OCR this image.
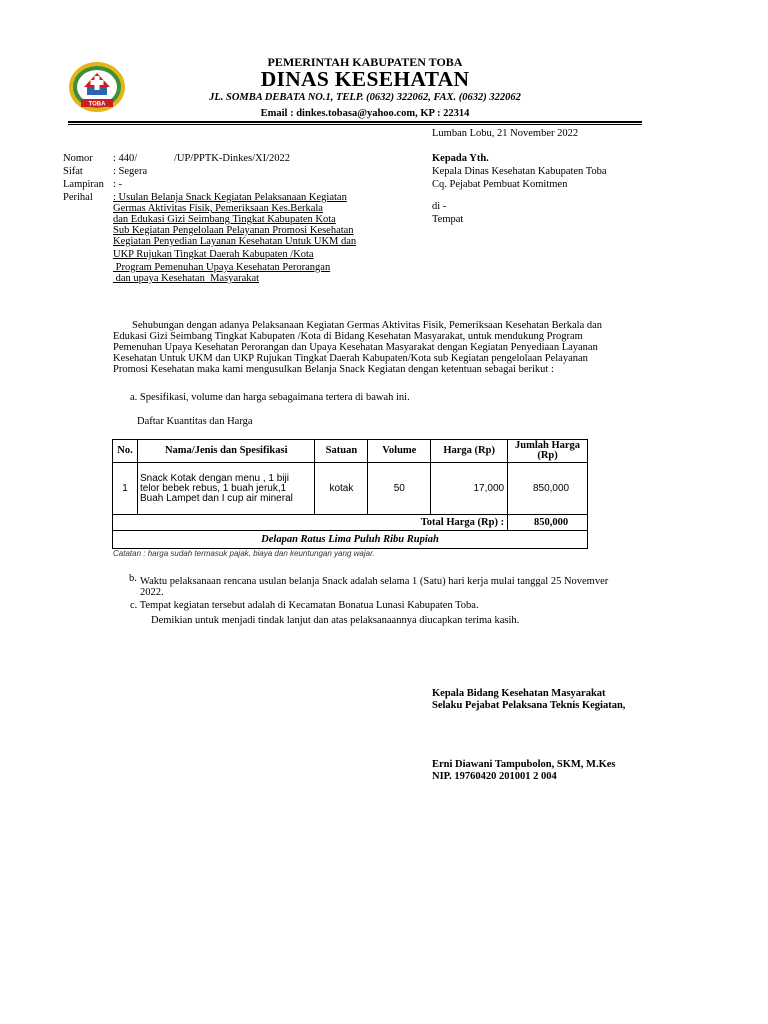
TOBA
PEMERINTAH KABUPATEN TOBA
DINAS KESEHATAN
JL. SOMBA DEBATA NO.1, TELP. (0632) 322062, FAX. (0632) 322062
Email : dinkes.tobasa@yahoo.com, KP : 22314
Lumban Lobu, 21 November 2022
Nomor : 440/              /UP/PPTK-Dinkes/XI/2022
Sifat	: Segera
Lampiran : -
Perihal : Usulan Belanja Snack Kegiatan Pelaksanaan Kegiatan
Germas Aktivitas Fisik, Pemeriksaan Kes.Berkala
dan Edukasi Gizi Seimbang Tingkat Kabupaten Kota
Sub Kegiatan Pengelolaan Pelayanan Promosi Kesehatan
Kegiatan Penyedian Layanan Kesehatan Untuk UKM dan
UKP Rujukan Tingkat Daerah Kabupaten /Kota
Program Pemenuhan Upaya Kesehatan Perorangan
dan upaya Kesehatan  Masyarakat
Kepada Yth.
Kepala Dinas Kesehatan Kabupaten Toba
Cq. Pejabat Pembuat Komitmen
di -
Tempat
Sehubungan dengan adanya Pelaksanaan Kegiatan Germas Aktivitas Fisik, Pemeriksaan Kesehatan Berkala dan
Edukasi Gizi Seimbang Tingkat Kabupaten /Kota di Bidang Kesehatan Masyarakat, untuk mendukung Program
Pemenuhan Upaya Kesehatan Perorangan dan Upaya Kesehatan Masyarakat dengan Kegiatan Penyediaan Layanan
Kesehatan Untuk UKM dan UKP Rujukan Tingkat Daerah Kabupaten/Kota sub Kegiatan pengelolaan Pelayanan
Promosi Kesehatan maka kami mengusulkan Belanja Snack Kegiatan dengan ketentuan sebagai berikut :
a. Spesifikasi, volume dan harga sebagaimana tertera di bawah ini.
Daftar Kuantitas dan Harga
No.	Nama/Jenis dan Spesifikasi	Satuan	Volume	Harga (Rp)	Jumlah Harga (Rp)
1	Snack Kotak dengan menu , 1 biji
telor bebek rebus, 1 buah jeruk,1
Buah Lampet dan I cup air mineral	kotak	50	17,000	850,000
Total Harga (Rp) :					850,000
Delapan Ratus Lima Puluh Ribu Rupiah					
Catatan : harga sudah termasuk pajak, biaya dan keuntungan yang wajar.
b. Waktu pelaksanaan rencana usulan belanja Snack adalah selama 1 (Satu) hari kerja mulai tanggal 25 Novemver
2022.
c. Tempat kegiatan tersebut adalah di Kecamatan Bonatua Lunasi Kabupaten Toba.
Demikian untuk menjadi tindak lanjut dan atas pelaksanaannya diucapkan terima kasih.
Kepala Bidang Kesehatan Masyarakat
Selaku Pejabat Pelaksana Teknis Kegiatan,
Erni Diawani Tampubolon, SKM, M.Kes
NIP. 19760420 201001 2 004
